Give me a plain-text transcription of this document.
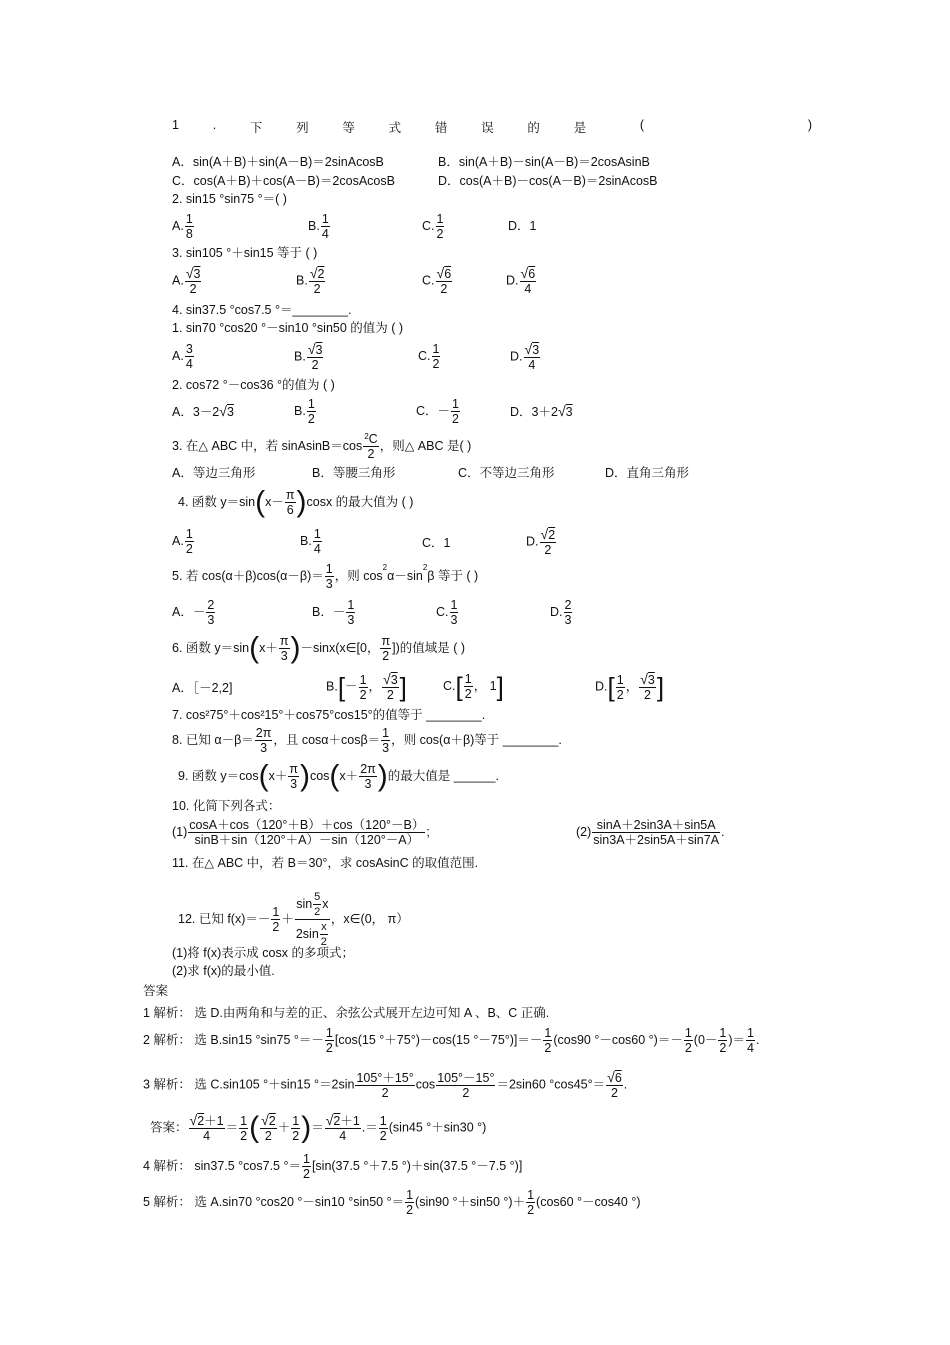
1	.	下	列	等	式	错	误	的	是	(	)
A．sin(A＋B)＋sin(A－B)＝2sinAcosB	B．sin(A＋B)－sin(A－B)＝2cosAsinB
C．cos(A＋B)＋cos(A－B)＝2cosAcosB	D．cos(A＋B)－cos(A－B)＝2sinAcosB
2. sin15 °sin75 °＝( )
A. $\frac{1}{8}$	B. $\frac{1}{4}$	C. $\frac{1}{2}$	D．1
3. sin105 °＋sin15 等于 ( )
A. $\frac{√3}{2}$	B. $\frac{√2}{2}$	C. $\frac{√6}{2}$	D. $\frac{√6}{4}$
4. sin37.5 °cos7.5 °＝________.
1. sin70 °cos20 °－sin10 °sin50 的值为 ( )
A. $\frac{3}{4}$	B. $\frac{√3}{2}$	C. $\frac{1}{2}$	D. $\frac{√3}{4}$
2. cos72 °－cos36 °的值为 ( )
A．3－2√3	B. $\frac{1}{2}$	C．－ $\frac{1}{2}$	D．3＋2√3
3. 在△ ABC 中，若 sinAsinB＝cos $\frac{^2C}{2}$ ，则△ ABC 是( )
A．等边三角形	B．等腰三角形	C．不等边三角形	D．直角三角形
4. 函数 $y=\sin(x- \frac{\pi}{6} )\cos x$ 的最大值为 ( )
A. $\frac{1}{2}$	B. $\frac{1}{4}$	C．1	D. $\frac{√2}{2}$
5. 若 $\cos(\alpha+\beta)\cos(\alpha-\beta)= \frac{1}{3}$ ，则 $\cos^2\alpha-\sin^2\beta$ 等于 ( )
A．－ $\frac{2}{3}$	B．－ $\frac{1}{3}$	C. $\frac{1}{3}$	D. $\frac{2}{3}$
6. 函数 $y=\sin(x+ \frac{\pi}{3}$ )－sinx(x∈[0， $\frac{\pi}{2}$ ])的值域是 ( )
A．［－2,2]	$B.[- \frac{1}{2}$ ， $\frac{√3}{2}$ ]	$C.[ \frac{1}{2}$ ， 1]	$D.[ \frac{1}{2}$ ， $\frac{√3}{2}$ ]
7. cos²75°＋cos²15°＋cos75°cos15°的值等于 ________.
8. 已知 $\alpha-\beta= \frac{2\pi}{3}$ ，且 $\cos\alpha+\cos\beta= \frac{1}{3}$ ，则 cos(α＋β)等于 ________.
9. 函数 $y=\cos(x+ \frac{\pi}{3} )\cos(x+ \frac{2\pi}{3}$ )的最大值是 ______.
10. 化简下列各式：
$(1) \frac{\cos A+\cos(120^\circ+B)+\cos(120^\circ-B)}{\sin B+\sin(120^\circ+A)-\sin(120^\circ-A)}$ ;	$(2) \frac{\sin A+2\sin 3A+\sin 5A}{\sin 3A+2\sin 5A+\sin 7A}$ .
11. 在△ ABC 中，若 B＝30°，求 cosAsinC 的取值范围.
12. 已知 $f(x)=- \frac{1}{2} + \frac{\sin \frac{5}{2} x}{2\sin \frac{x}{2}}$ ，x∈(0， π）
(1)将 f(x)表示成 cosx 的多项式；
(2)求 f(x)的最小值.
答案
1 解析： 选 D.由两角和与差的正、余弦公式展开左边可知 A 、B、C 正确.
2 解析： 选 B.sin15 °sin75 °＝－ $\frac{1}{2} [\cos(15$ °＋75°)－cos(15 $^\circ-75^\circ)]=- \frac{1}{2} (\cos 90$ °－cos60 °)＝－ $\frac{1}{2} (0- \frac{1}{2}$ )＝ $\frac{1}{4}$ .
3 解析： 选 C.sin105 °＋sin15 $^\circ=2\sin \frac{105^\circ+15^\circ}{2}$ $\cos \frac{105^\circ-15^\circ}{2} =2\sin 60$ $^\circ\cos 45^\circ= \frac{√6}{2}$ .
答案： $\frac{√2+1}{4} = \frac{1}{2}$ ( $\frac{√2}{2} + \frac{1}{2}$ )＝ $\frac{√2+1}{4}$ .＝ $\frac{1}{2} (\sin 45$ °＋sin30 °)
4 解析： sin37.5 °cos7.5 °＝ $\frac{1}{2} [\sin(37.5$ °＋7.5 °)＋sin(37.5 °－7.5 °)]
5 解析： 选 A.sin70 °cos20 °－sin10 °sin50 °＝ $\frac{1}{2} (\sin 90$ °＋sin50 °)＋ $\frac{1}{2} (\cos 60$ °－cos40 °)
